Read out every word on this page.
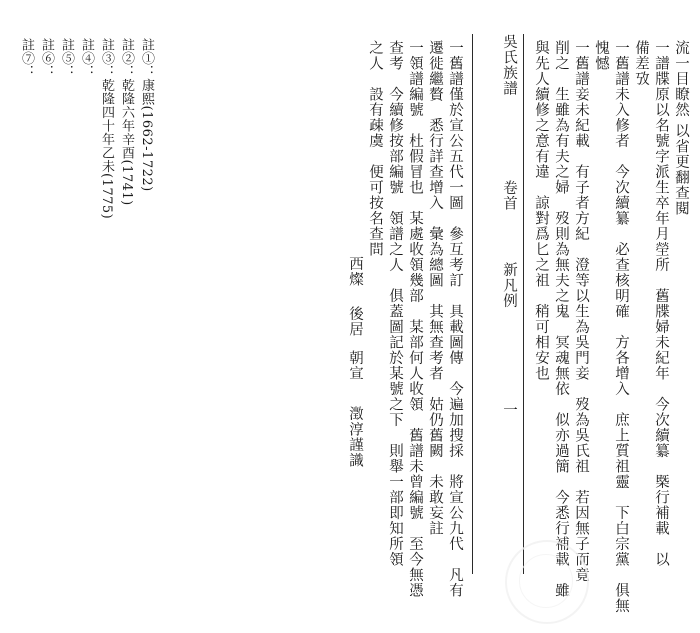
流一目瞭然 以省更翻查閱
一譜牒原以名號字派生卒年月塋所　舊牒婦未紀年　今次續纂　槩行補載　以
備差攷
一舊譜未入修者　今次續纂　必查核明確　方各增入　庶上質祖靈　下白宗黨　俱無
愧憾
一舊譜妾未紀載　有子者方紀　澄等以生為吳門妾　歿為吳氏祖　若因無子而竟
削之　生雖為有夫之婦　歿則為無夫之鬼　冥魂無依　似亦過簡　今悉行補載　雖
與先人續修之意有違　諒對爲匕之祖　稍可相安也
吳氏族譜
卷首
新凡例
一
一舊譜僅於宣公五代一圖　參互考訂　具載圖傳　今遍加搜採　將宣公九代　凡有
遷徙繼贅　悉行詳查增入　彙為總圖　其無查考者　姑仍舊闕　未敢妄註
一領譜編號　杜假冒也　某處收領幾部　某部何人收領　舊譜未曾編號　至今無憑
查考　今續修按部編號　領譜之人　俱蓋圖記於某號之下　則舉一部即知所領
之人　設有疎虞　便可按名查問
西燦
後居
朝宣
澂淳謹識
註①：康熙(1662-1722)
註②：乾隆六年辛酉(1741)
註③：乾隆四十年乙未(1775)
註④：
註⑤：
註⑥：
註⑦：
